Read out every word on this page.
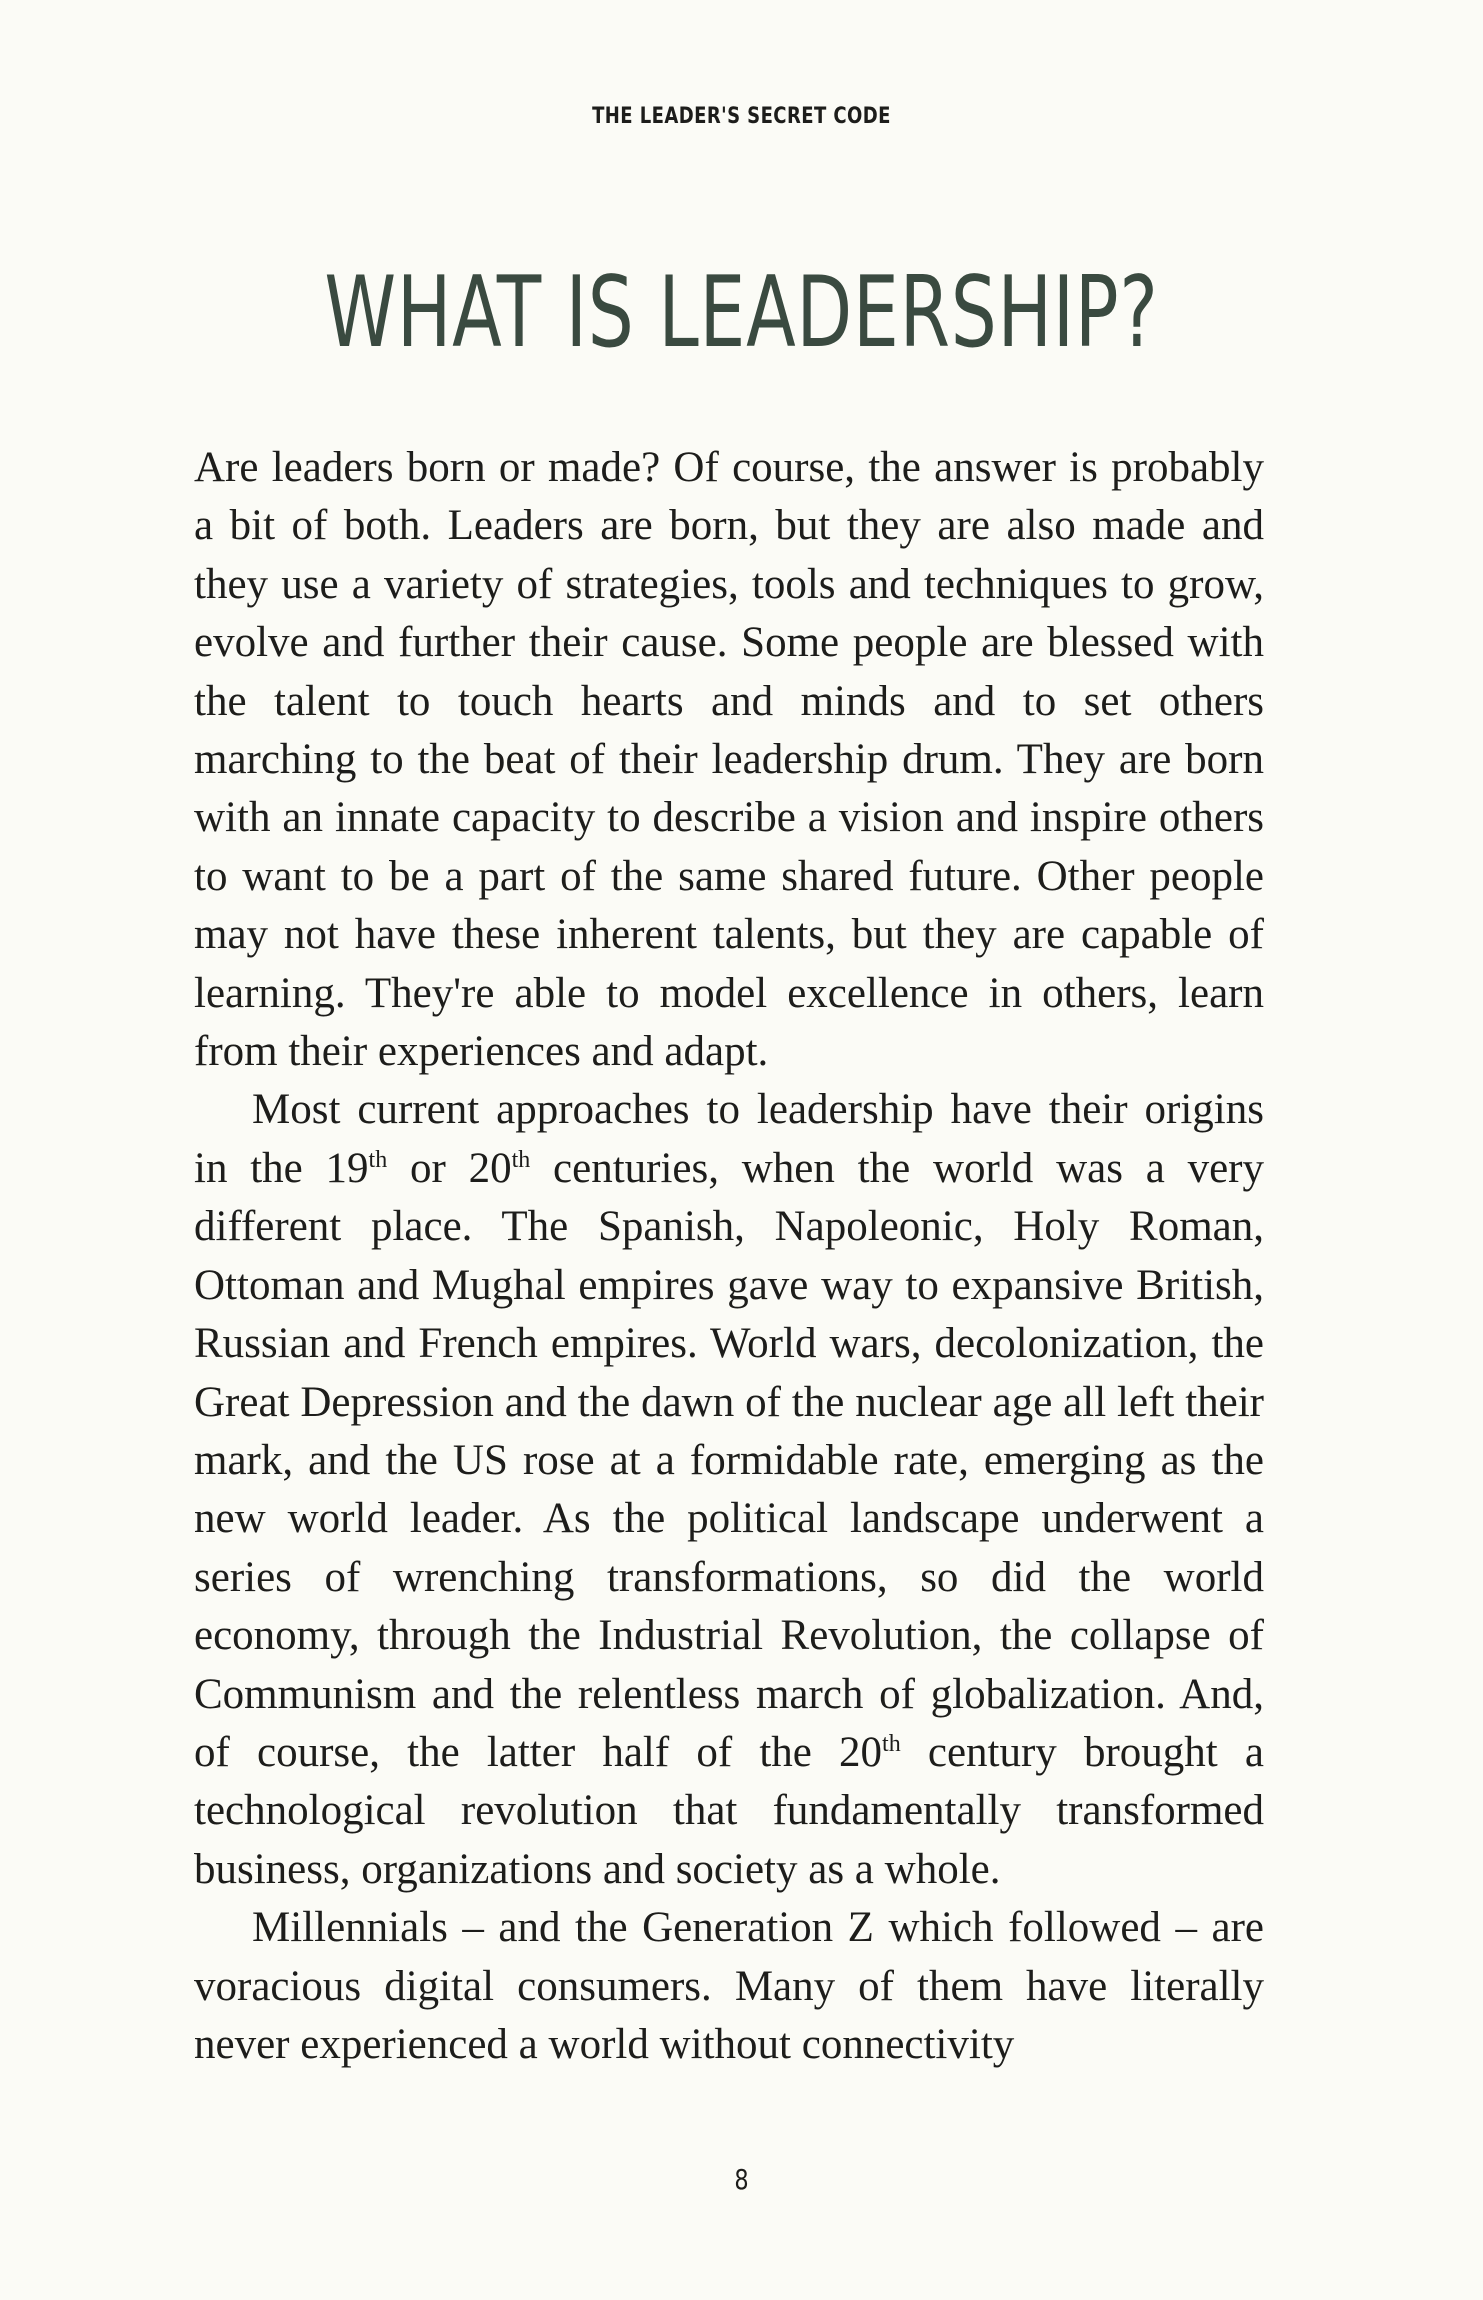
THE LEADER'S SECRET CODE
WHAT IS LEADERSHIP?

Are leaders born or made? Of course, the answer is probably a bit of both. Leaders are born, but they are also made and they use a variety of strategies, tools and techniques to grow, evolve and further their cause. Some people are blessed with the talent to touch hearts and minds and to set others marching to the beat of their leadership drum. They are born with an innate capacity to describe a vision and inspire others to want to be a part of the same shared future. Other people may not have these inherent talents, but they are capable of learning. They're able to model excellence in others, learn from their experiences and adapt.

Most current approaches to leadership have their origins in the 19th or 20th centuries, when the world was a very different place. The Spanish, Napoleonic, Holy Roman, Ottoman and Mughal empires gave way to expansive British, Russian and French empires. World wars, decolonization, the Great Depression and the dawn of the nuclear age all left their mark, and the US rose at a formidable rate, emerging as the new world leader. As the political landscape underwent a series of wrenching transformations, so did the world economy, through the Industrial Revolution, the collapse of Communism and the relentless march of globalization. And, of course, the latter half of the 20th century brought a technological revolution that fundamentally transformed business, organizations and society as a whole.

Millennials – and the Generation Z which followed – are voracious digital consumers. Many of them have literally never experienced a world without connectivity

8
